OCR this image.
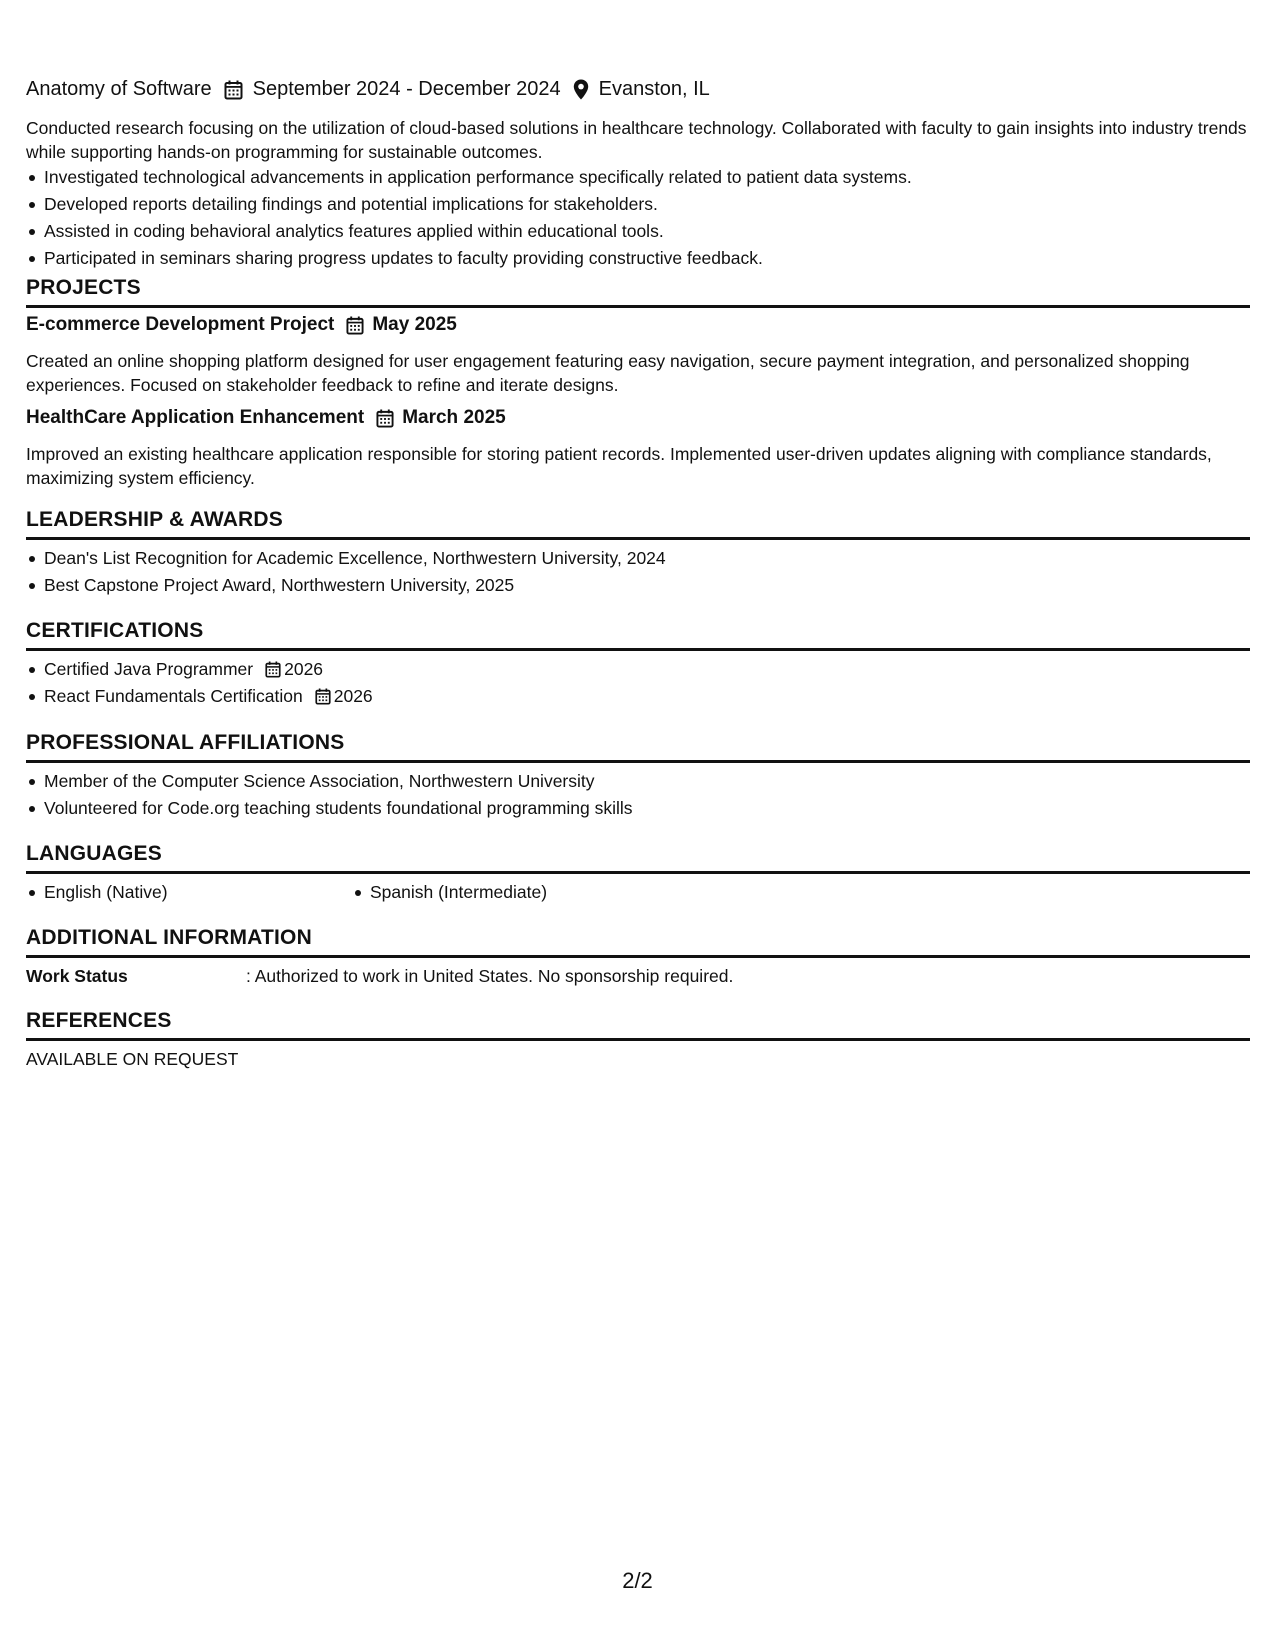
Anatomy of Software September 2024 - December 2024 Evanston, IL
Conducted research focusing on the utilization of cloud-based solutions in healthcare technology. Collaborated with faculty to gain insights into industry trends while supporting hands-on programming for sustainable outcomes.
Investigated technological advancements in application performance specifically related to patient data systems.
Developed reports detailing findings and potential implications for stakeholders.
Assisted in coding behavioral analytics features applied within educational tools.
Participated in seminars sharing progress updates to faculty providing constructive feedback.
PROJECTS
E-commerce Development Project May 2025
Created an online shopping platform designed for user engagement featuring easy navigation, secure payment integration, and personalized shopping experiences. Focused on stakeholder feedback to refine and iterate designs.
HealthCare Application Enhancement March 2025
Improved an existing healthcare application responsible for storing patient records. Implemented user-driven updates aligning with compliance standards, maximizing system efficiency.
LEADERSHIP & AWARDS
Dean's List Recognition for Academic Excellence, Northwestern University, 2024
Best Capstone Project Award, Northwestern University, 2025
CERTIFICATIONS
Certified Java Programmer 2026
React Fundamentals Certification 2026
PROFESSIONAL AFFILIATIONS
Member of the Computer Science Association, Northwestern University
Volunteered for Code.org teaching students foundational programming skills
LANGUAGES
English (Native)	Spanish (Intermediate)
ADDITIONAL INFORMATION
Work Status	: Authorized to work in United States. No sponsorship required.
REFERENCES
AVAILABLE ON REQUEST
2/2
